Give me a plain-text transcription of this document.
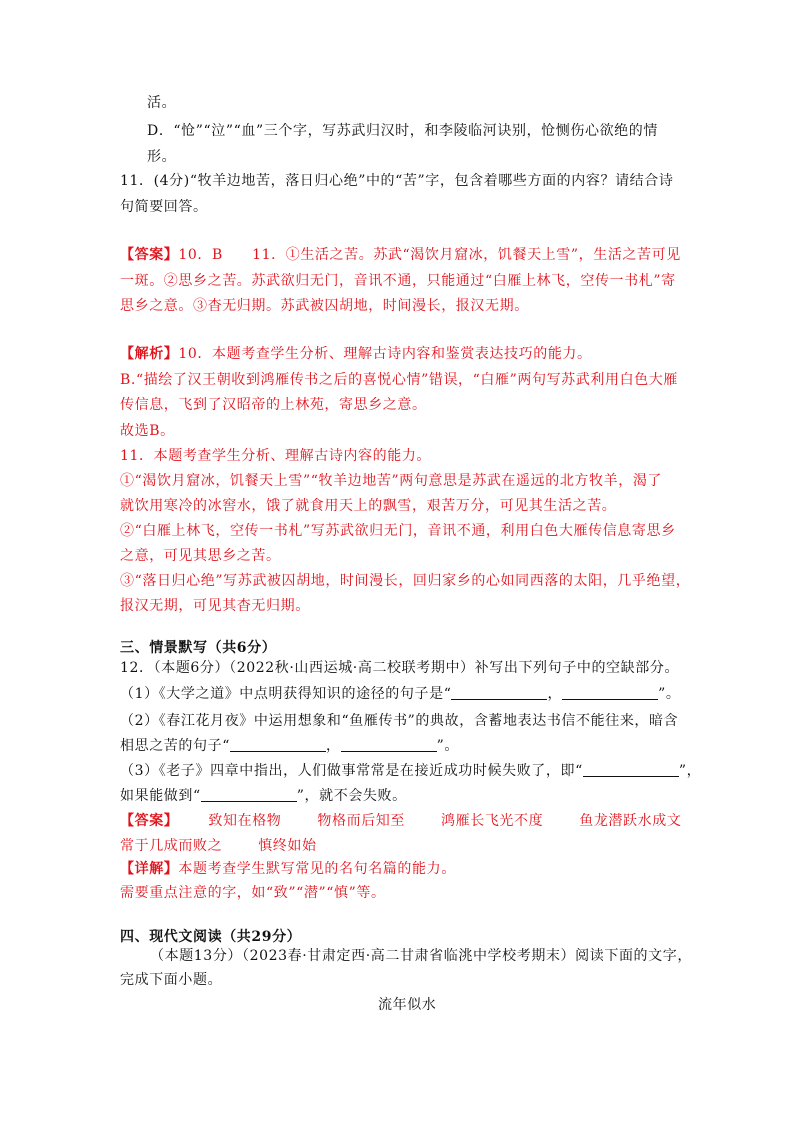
活。
D．“怆”“泣”“血”三个字，写苏武归汉时，和李陵临河诀别，怆恻伤心欲绝的情
形。
11．(4分)“牧羊边地苦，落日归心绝”中的“苦”字，包含着哪些方面的内容？请结合诗
句简要回答。
【答案】10．B　　11．①生活之苦。苏武“渴饮月窟冰，饥餐天上雪”，生活之苦可见
一斑。②思乡之苦。苏武欲归无门，音讯不通，只能通过“白雁上林飞，空传一书札”寄
思乡之意。③杳无归期。苏武被囚胡地，时间漫长，报汉无期。
【解析】10．本题考查学生分析、理解古诗内容和鉴赏表达技巧的能力。
B.“描绘了汉王朝收到鸿雁传书之后的喜悦心情”错误，“白雁”两句写苏武利用白色大雁
传信息，飞到了汉昭帝的上林苑，寄思乡之意。
故选B。
11．本题考查学生分析、理解古诗内容的能力。
①“渴饮月窟冰，饥餐天上雪”“牧羊边地苦”两句意思是苏武在遥远的北方牧羊，渴了
就饮用寒冷的冰窖水，饿了就食用天上的飘雪，艰苦万分，可见其生活之苦。
②“白雁上林飞，空传一书札”写苏武欲归无门，音讯不通，利用白色大雁传信息寄思乡
之意，可见其思乡之苦。
③“落日归心绝”写苏武被囚胡地，时间漫长，回归家乡的心如同西落的太阳，几乎绝望，
报汉无期，可见其杳无归期。
三、情景默写（共6分）
12．（本题6分）（2022秋·山西运城·高二校联考期中）补写出下列句子中的空缺部分。
（1）《大学之道》中点明获得知识的途径的句子是“	，	”。
（2）《春江花月夜》中运用想象和“鱼雁传书”的典故，含蓄地表达书信不能往来，暗含
相思之苦的句子“	，	”。
（3）《老子》四章中指出，人们做事常常是在接近成功时候失败了，即“	”，
如果能做到“	”，就不会失败。
【答案】 致知在格物	物格而后知至	鸿雁长飞光不度	鱼龙潜跃水成文
常于几成而败之	慎终如始
【详解】本题考查学生默写常见的名句名篇的能力。
需要重点注意的字，如“致”“潜”“慎”等。
四、现代文阅读（共29分）
（本题13分）（2023春·甘肃定西·高二甘肃省临洮中学校考期末）阅读下面的文字，
完成下面小题。
流年似水
